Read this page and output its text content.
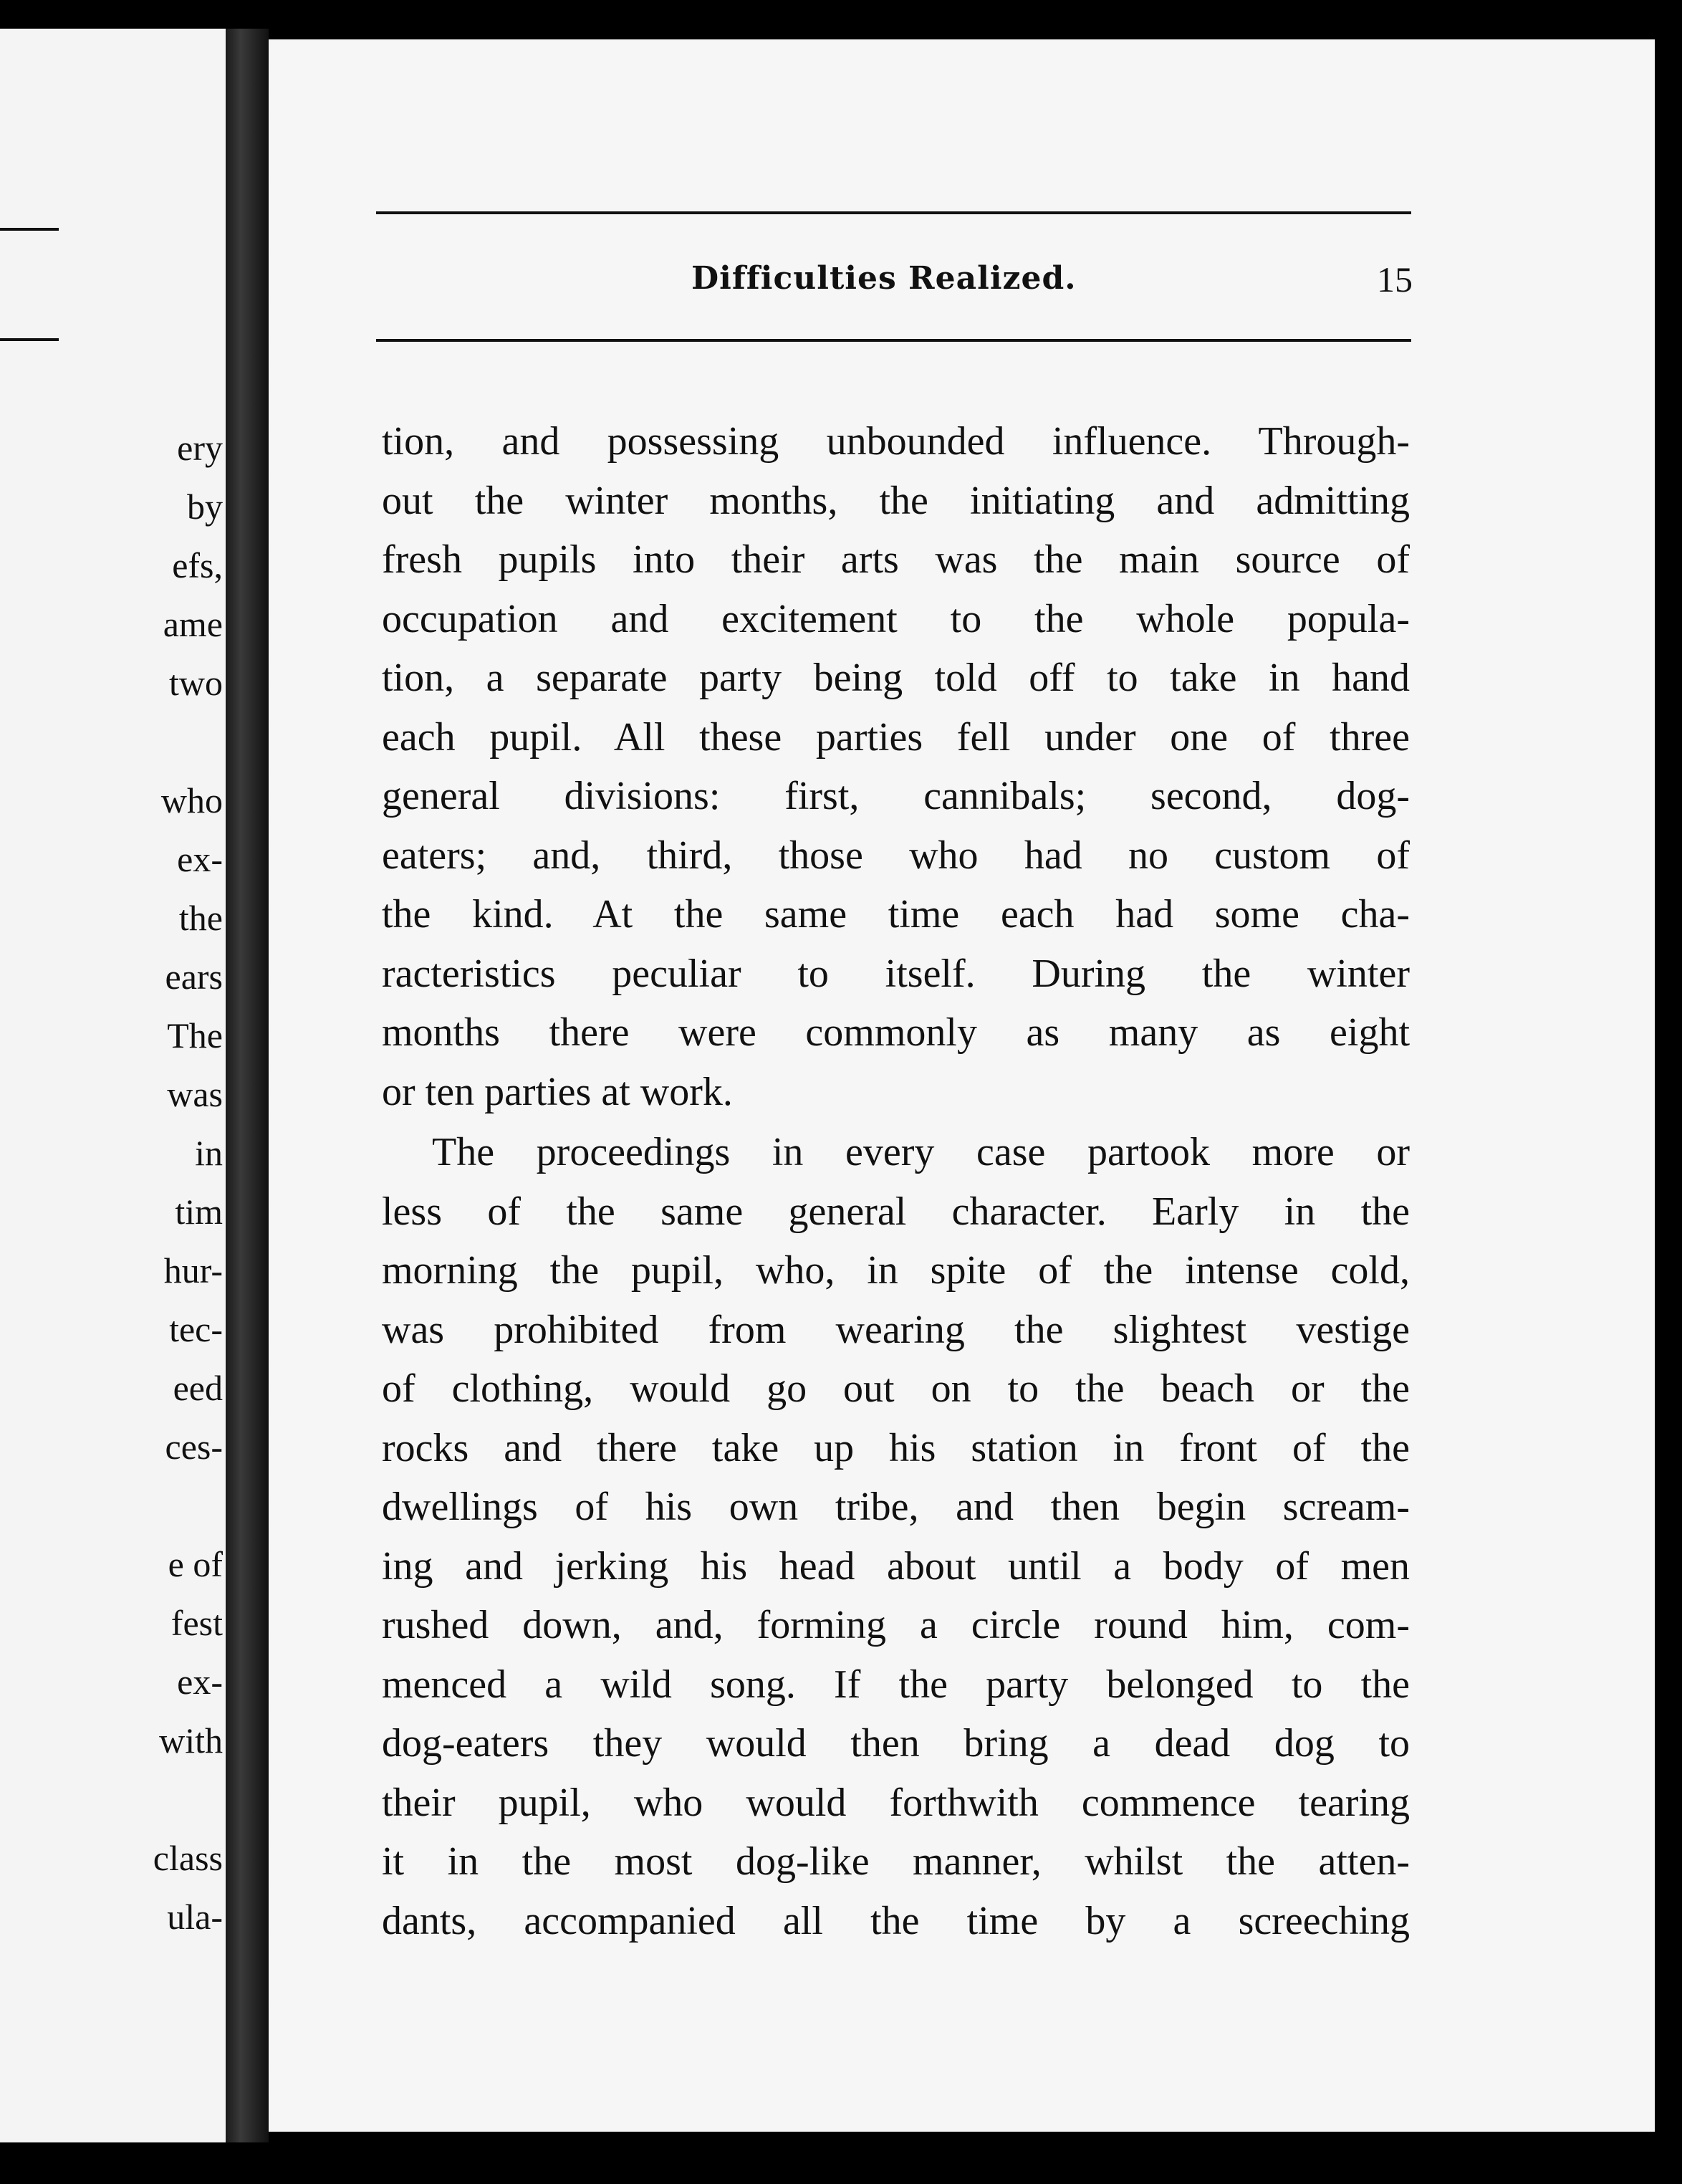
ery
by
efs,
ame
two
who
ex-
the
ears
The
was
in
tim
hur-
tec-
eed
ces-
e of
fest
ex-
with
class
ula-
Difficulties Realized.	15
tion, and possessing unbounded influence. Through-
out the winter months, the initiating and admitting
fresh pupils into their arts was the main source of
occupation and excitement to the whole popula-
tion, a separate party being told off to take in hand
each pupil. All these parties fell under one of three
general divisions: first, cannibals; second, dog-
eaters; and, third, those who had no custom of
the kind. At the same time each had some cha-
racteristics peculiar to itself. During the winter
months there were commonly as many as eight
or ten parties at work.
The proceedings in every case partook more or
less of the same general character. Early in the
morning the pupil, who, in spite of the intense cold,
was prohibited from wearing the slightest vestige
of clothing, would go out on to the beach or the
rocks and there take up his station in front of the
dwellings of his own tribe, and then begin scream-
ing and jerking his head about until a body of men
rushed down, and, forming a circle round him, com-
menced a wild song. If the party belonged to the
dog-eaters they would then bring a dead dog to
their pupil, who would forthwith commence tearing
it in the most dog-like manner, whilst the atten-
dants, accompanied all the time by a screeching
